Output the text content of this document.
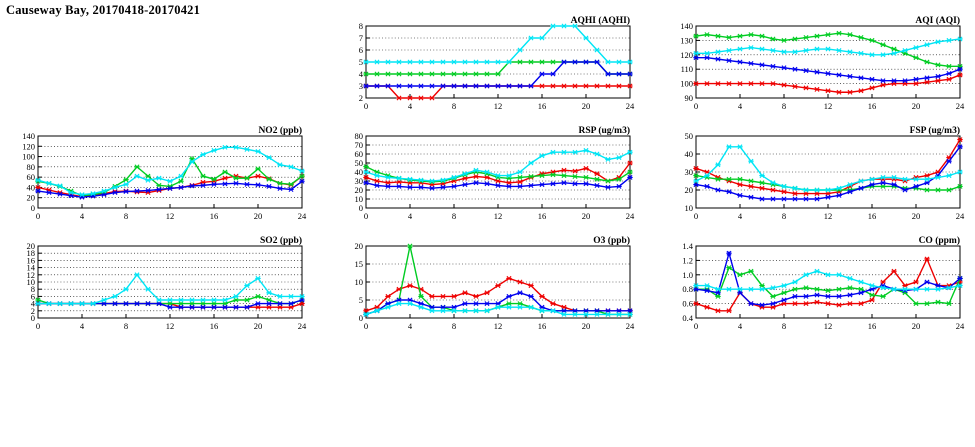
Causeway Bay, 20170418-20170421
0	4	8	12	16	20	24
2
3
4
5
6
7
8	AQHI (AQHI)
0	4	8	12	16	20	24
90
100
110
120
130
140	AQI (AQI)
0	4	8	12	16	20	24
0
20
40
60
80
100
120
140	NO2 (ppb)
0	4	8	12	16	20	24
0
10
20
30
40
50
60
70
80	RSP (ug/m3)
0	4	8	12	16	20	24
10
20
30
40
50	FSP (ug/m3)
0	4	8	12	16	20	24
0
2
4
6
8
10
12
14
16
18
20	SO2 (ppb)
0	4	8	12	16	20	24
0
5
10
15
20	O3 (ppb)
0	4	8	12	16	20	24
0.4
0.6
0.8
1.0
1.2
1.4	CO (ppm)
